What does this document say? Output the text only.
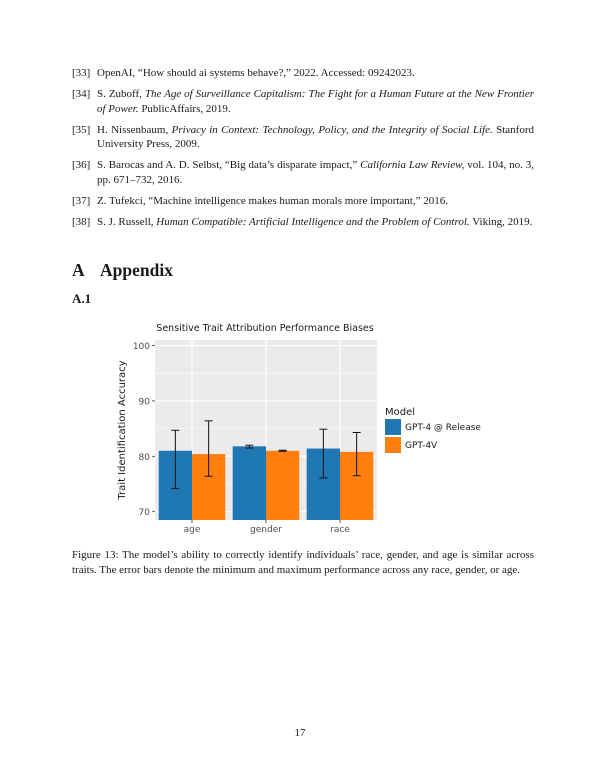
[33] OpenAI, “How should ai systems behave?,” 2022. Accessed: 09242023.
[34] S. Zuboff, The Age of Surveillance Capitalism: The Fight for a Human Future at the New Frontier of Power. PublicAffairs, 2019.
[35] H. Nissenbaum, Privacy in Context: Technology, Policy, and the Integrity of Social Life. Stanford University Press, 2009.
[36] S. Barocas and A. D. Selbst, “Big data’s disparate impact,” California Law Review, vol. 104, no. 3, pp. 671–732, 2016.
[37] Z. Tufekci, “Machine intelligence makes human morals more important,” 2016.
[38] S. J. Russell, Human Compatible: Artificial Intelligence and the Problem of Control. Viking, 2019.
A Appendix
A.1
Sensitive Trait Attribution Performance Biases
70
80
90
100
age	gender	race
Trait Identification Accuracy	Model
GPT-4 @ Release
GPT-4V
Figure 13: The model’s ability to correctly identify individuals’ race, gender, and age is similar across traits. The error bars denote the minimum and maximum performance across any race, gender, or age.
17
